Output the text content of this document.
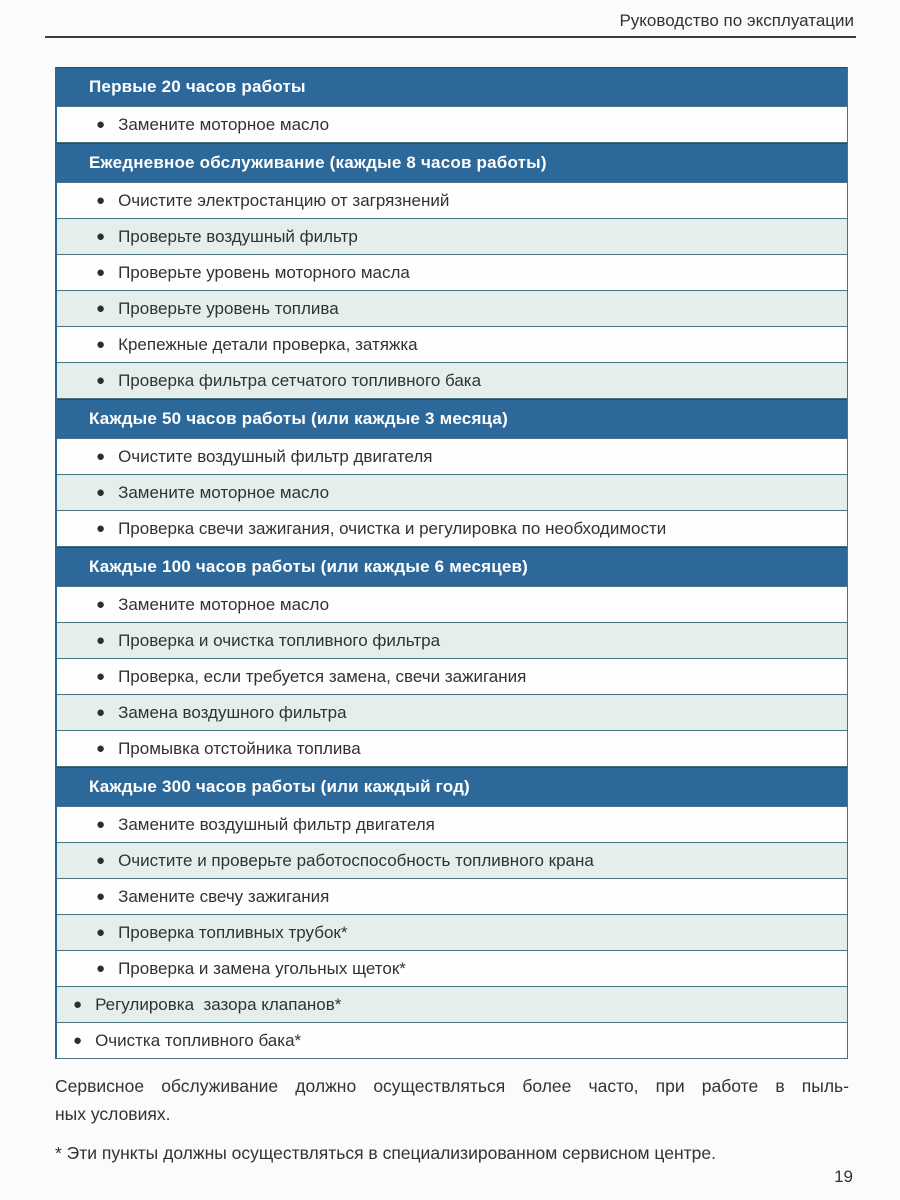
Руководство по эксплуатации
Первые 20 часов работы
● Замените моторное масло
Ежедневное обслуживание (каждые 8 часов работы)
● Очистите электростанцию от загрязнений
● Проверьте воздушный фильтр
● Проверьте уровень моторного масла
● Проверьте уровень топлива
● Крепежные детали проверка, затяжка
● Проверка фильтра сетчатого топливного бака
Каждые 50 часов работы (или каждые 3 месяца)
● Очистите воздушный фильтр двигателя
● Замените моторное масло
● Проверка свечи зажигания, очистка и регулировка по необходимости
Каждые 100 часов работы (или каждые 6 месяцев)
● Замените моторное масло
● Проверка и очистка топливного фильтра
● Проверка, если требуется замена, свечи зажигания
● Замена воздушного фильтра
● Промывка отстойника топлива
Каждые 300 часов работы (или каждый год)
● Замените воздушный фильтр двигателя
● Очистите и проверьте работоспособность топливного крана
● Замените свечу зажигания
● Проверка топливных трубок*
● Проверка и замена угольных щеток*
● Регулировка  зазора клапанов*
● Очистка топливного бака*

Сервисное обслуживание должно осуществляться более часто, при работе в пыль-
ных условиях.

* Эти пункты должны осуществляться в специализированном сервисном центре.

19
